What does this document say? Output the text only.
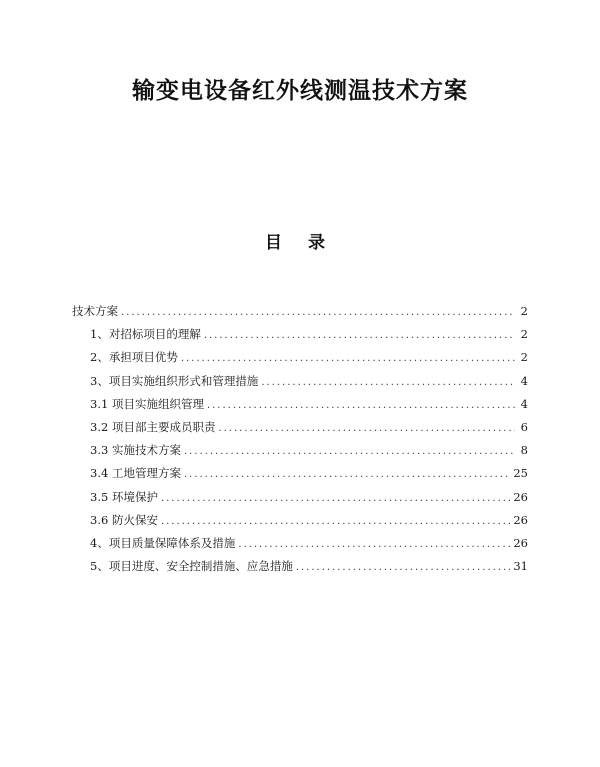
输变电设备红外线测温技术方案
目 录
技术方案 .....	2
1、对招标项目的理解 .....	2
2、承担项目优势 .....	2
3、项目实施组织形式和管理措施 .....	4
3.1 项目实施组织管理 .....	4
3.2 项目部主要成员职责 .....	6
3.3 实施技术方案 .....	8
3.4 工地管理方案 .....	25
3.5 环境保护 .....	26
3.6 防火保安 .....	26
4、项目质量保障体系及措施 .....	26
5、项目进度、安全控制措施、应急措施 .....	31
